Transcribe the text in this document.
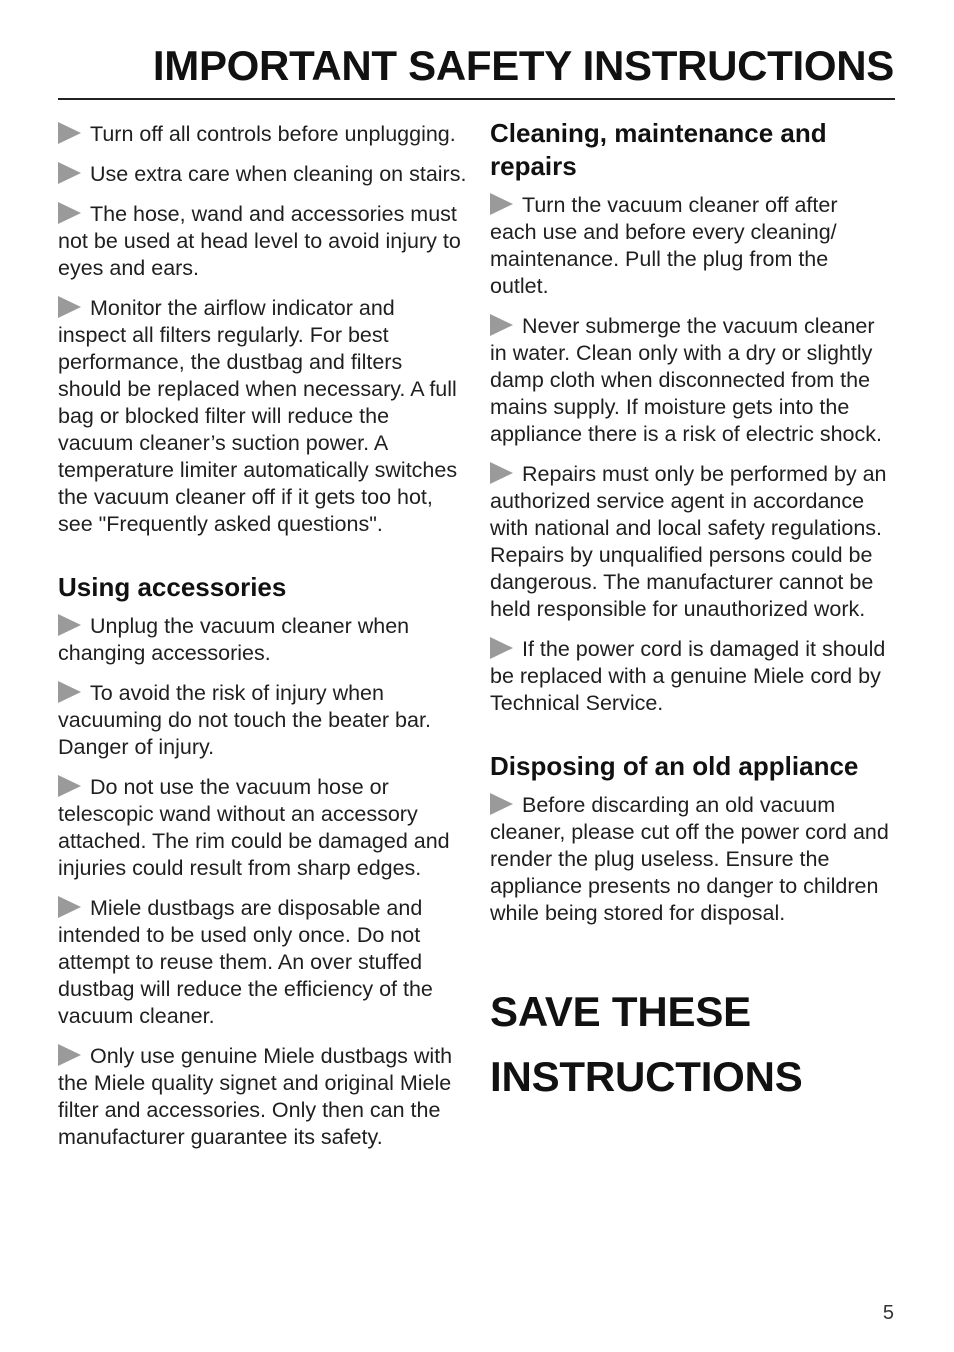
IMPORTANT SAFETY INSTRUCTIONS

Turn off all controls before unplugging.

Use extra care when cleaning on stairs.

The hose, wand and accessories must not be used at head level to avoid injury to eyes and ears.

Monitor the airflow indicator and inspect all filters regularly. For best performance, the dustbag and filters should be replaced when necessary. A full bag or blocked filter will reduce the vacuum cleaner’s suction power. A temperature limiter automatically switches the vacuum cleaner off if it gets too hot, see "Frequently asked questions".

Using accessories

Unplug the vacuum cleaner when changing accessories.

To avoid the risk of injury when vacuuming do not touch the beater bar. Danger of injury.

Do not use the vacuum hose or telescopic wand without an accessory attached. The rim could be damaged and injuries could result from sharp edges.

Miele dustbags are disposable and intended to be used only once. Do not attempt to reuse them. An over stuffed dustbag will reduce the efficiency of the vacuum cleaner.

Only use genuine Miele dustbags with the Miele quality signet and original Miele filter and accessories. Only then can the manufacturer guarantee its safety.

Cleaning, maintenance and repairs

Turn the vacuum cleaner off after each use and before every cleaning/ maintenance. Pull the plug from the outlet.

Never submerge the vacuum cleaner in water. Clean only with a dry or slightly damp cloth when disconnected from the mains supply. If moisture gets into the appliance there is a risk of electric shock.

Repairs must only be performed by an authorized service agent in accordance with national and local safety regulations. Repairs by unqualified persons could be dangerous. The manufacturer cannot be held responsible for unauthorized work.

If the power cord is damaged it should be replaced with a genuine Miele cord by Technical Service.

Disposing of an old appliance

Before discarding an old vacuum cleaner, please cut off the power cord and render the plug useless. Ensure the appliance presents no danger to children while being stored for disposal.

SAVE THESE
INSTRUCTIONS
5
